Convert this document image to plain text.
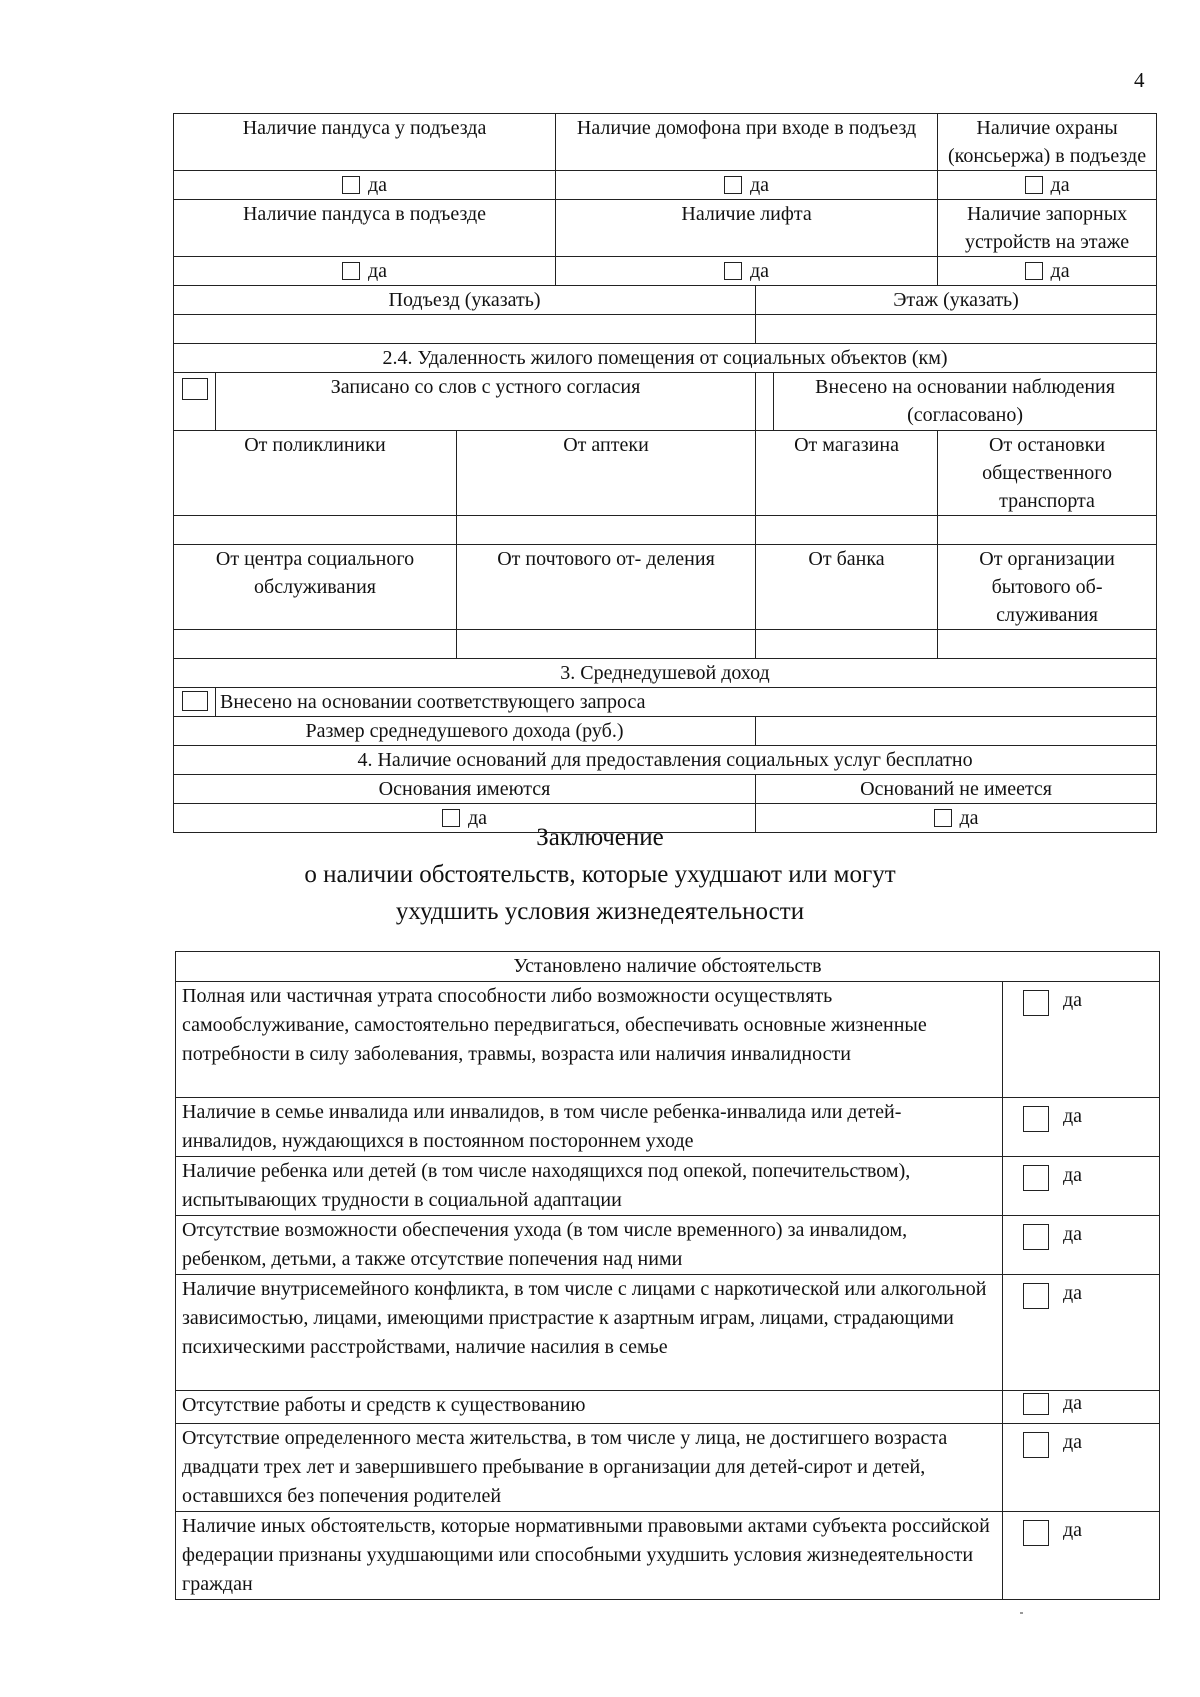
4
Наличие пандуса у подъезда			Наличие домофона при входе в подъезд			Наличие охраны (консьержа) в подъезде
да			да			да
Наличие пандуса в подъезде			Наличие лифта			Наличие запорных устройств на этаже
да			да			да
Подъезд (указать)				Этаж (указать)		

2.4. Удаленность жилого помещения от социальных объектов (км)						
	Записано со слов с устного согласия				Внесено на основании наблюдения (согласовано)	
От поликлиники		От аптеки		От магазина		От остановки общественного транспорта

От центра социального обслуживания		От почтового от- деления		От банка		От организации бытового об- служивания

3. Среднедушевой доход						
	Внесено на основании соответствующего запроса					
Размер среднедушевого дохода (руб.)						
4. Наличие оснований для предоставления социальных услуг бесплатно						
Основания имеются				Оснований не имеется		
да				да		
Заключение
о наличии обстоятельств, которые ухудшают или могут
ухудшить условия жизнедеятельности
Установлено наличие обстоятельств	
Полная или частичная утрата способности либо возможности осуществлять самообслуживание, самостоятельно передвигаться, обеспечивать основные жизненные потребности в силу заболевания, травмы, возраста или наличия инвалидности	да
Наличие в семье инвалида или инвалидов, в том числе ребенка-инвалида или детей-инвалидов, нуждающихся в постоянном постороннем уходе	да
Наличие ребенка или детей (в том числе находящихся под опекой, попечительством), испытывающих трудности в социальной адаптации	да
Отсутствие возможности обеспечения ухода (в том числе временного) за инвалидом, ребенком, детьми, а также отсутствие попечения над ними	да
Наличие внутрисемейного конфликта, в том числе с лицами с наркотической или алкогольной зависимостью, лицами, имеющими пристрастие к азартным играм, лицами, страдающими психическими расстройствами, наличие насилия в семье	да
Отсутствие работы и средств к существованию	да
Отсутствие определенного места жительства, в том числе у лица, не достигшего возраста двадцати трех лет и завершившего пребывание в организации для детей-сирот и детей, оставшихся без попечения родителей	да
Наличие иных обстоятельств, которые нормативными правовыми актами субъекта российской федерации признаны ухудшающими или способными ухудшить условия жизнедеятельности граждан	да
